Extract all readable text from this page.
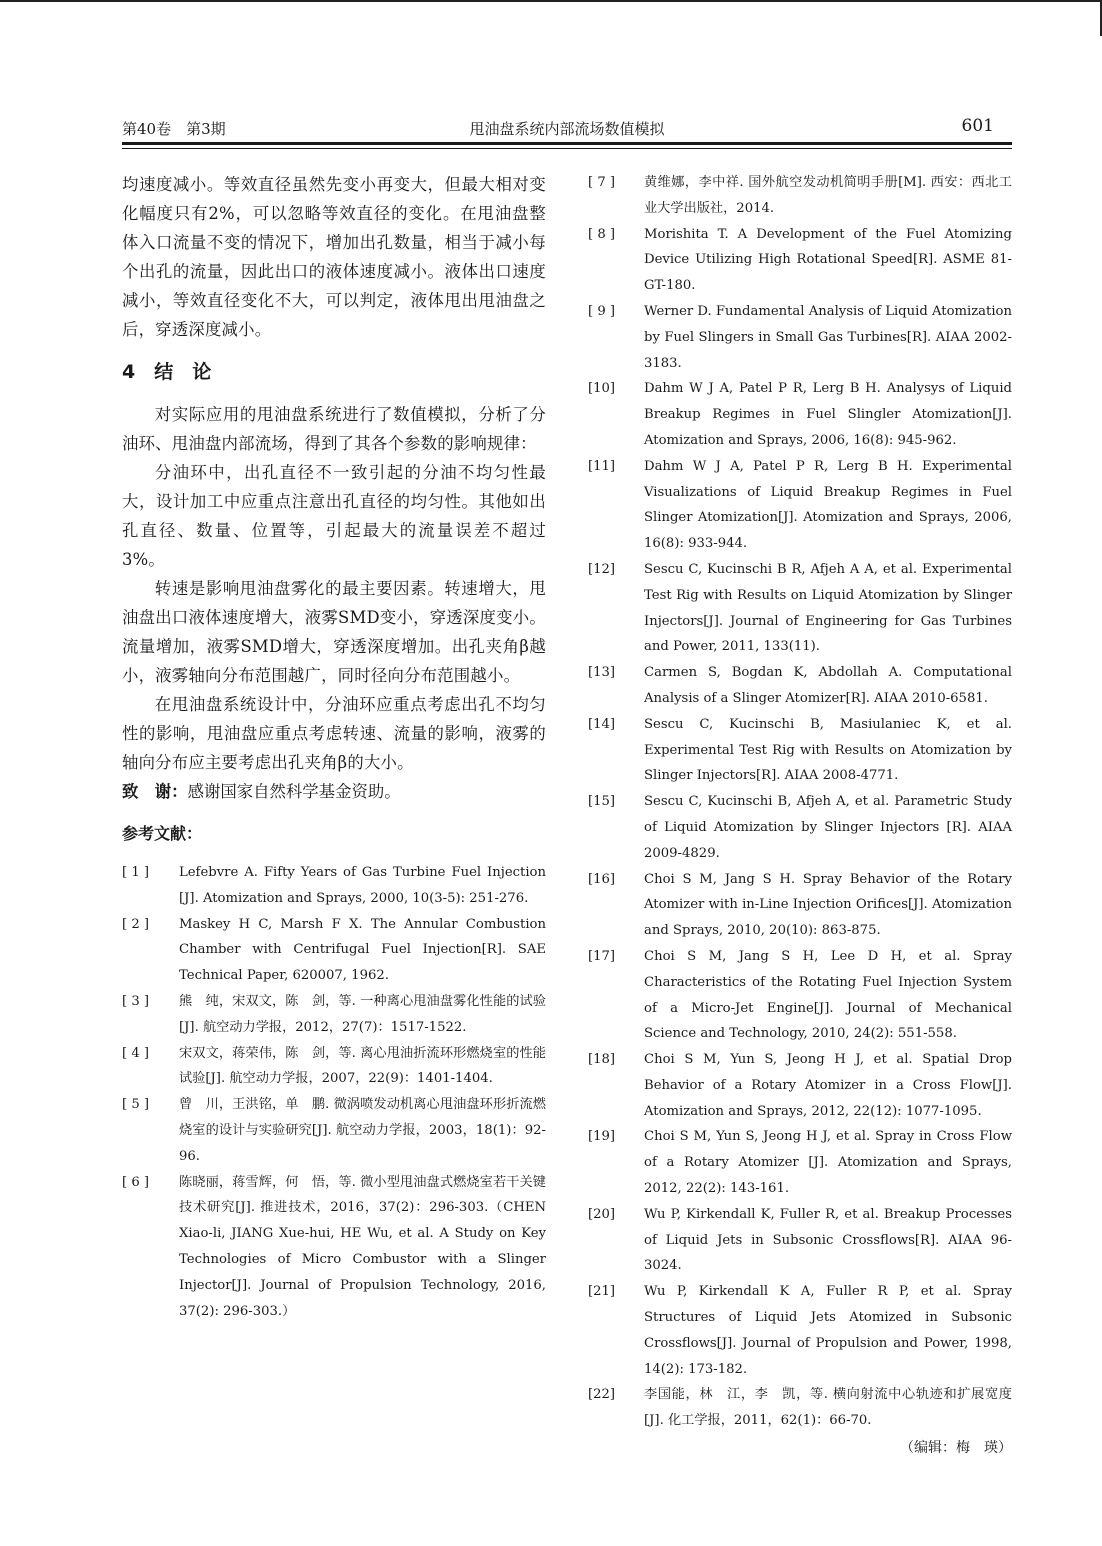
第40卷　第3期	甩油盘系统内部流场数值模拟	601

均速度减小。等效直径虽然先变小再变大，但最大相对变化幅度只有2%，可以忽略等效直径的变化。在甩油盘整体入口流量不变的情况下，增加出孔数量，相当于减小每个出孔的流量，因此出口的液体速度减小。液体出口速度减小，等效直径变化不大，可以判定，液体甩出甩油盘之后，穿透深度减小。

4　结　论

对实际应用的甩油盘系统进行了数值模拟，分析了分油环、甩油盘内部流场，得到了其各个参数的影响规律：

分油环中，出孔直径不一致引起的分油不均匀性最大，设计加工中应重点注意出孔直径的均匀性。其他如出孔直径、数量、位置等，引起最大的流量误差不超过3%。

转速是影响甩油盘雾化的最主要因素。转速增大，甩油盘出口液体速度增大，液雾SMD变小，穿透深度变小。流量增加，液雾SMD增大，穿透深度增加。出孔夹角β越小，液雾轴向分布范围越广，同时径向分布范围越小。

在甩油盘系统设计中，分油环应重点考虑出孔不均匀性的影响，甩油盘应重点考虑转速、流量的影响，液雾的轴向分布应主要考虑出孔夹角β的大小。

致　谢：感谢国家自然科学基金资助。

参考文献：
[ 1 ]	Lefebvre A. Fifty Years of Gas Turbine Fuel Injection [J]. Atomization and Sprays, 2000, 10(3-5): 251-276.
[ 2 ]	Maskey H C, Marsh F X. The Annular Combustion Chamber with Centrifugal Fuel Injection[R]. SAE Technical Paper, 620007, 1962.
[ 3 ]	熊　纯，宋双文，陈　剑，等. 一种离心甩油盘雾化性能的试验[J]. 航空动力学报，2012，27(7)：1517-1522.
[ 4 ]	宋双文，蒋荣伟，陈　剑，等. 离心甩油折流环形燃烧室的性能试验[J]. 航空动力学报，2007，22(9)：1401-1404.
[ 5 ]	曾　川，王洪铭，单　鹏. 微涡喷发动机离心甩油盘环形折流燃烧室的设计与实验研究[J]. 航空动力学报，2003，18(1)：92-96.
[ 6 ]	陈晓丽，蒋雪辉，何　悟，等. 微小型甩油盘式燃烧室若干关键技术研究[J]. 推进技术，2016，37(2)：296-303.（CHEN Xiao-li, JIANG Xue-hui, HE Wu, et al. A Study on Key Technologies of Micro Combustor with a Slinger Injector[J]. Journal of Propulsion Technology, 2016, 37(2): 296-303.）
[ 7 ]	黄维娜，李中祥. 国外航空发动机简明手册[M]. 西安：西北工业大学出版社，2014.
[ 8 ]	Morishita T. A Development of the Fuel Atomizing Device Utilizing High Rotational Speed[R]. ASME 81-GT-180.
[ 9 ]	Werner D. Fundamental Analysis of Liquid Atomization by Fuel Slingers in Small Gas Turbines[R]. AIAA 2002-3183.
[10]	Dahm W J A, Patel P R, Lerg B H. Analysys of Liquid Breakup Regimes in Fuel Slingler Atomization[J]. Atomization and Sprays, 2006, 16(8): 945-962.
[11]	Dahm W J A, Patel P R, Lerg B H. Experimental Visualizations of Liquid Breakup Regimes in Fuel Slinger Atomization[J]. Atomization and Sprays, 2006, 16(8): 933-944.
[12]	Sescu C, Kucinschi B R, Afjeh A A, et al. Experimental Test Rig with Results on Liquid Atomization by Slinger Injectors[J]. Journal of Engineering for Gas Turbines and Power, 2011, 133(11).
[13]	Carmen S, Bogdan K, Abdollah A. Computational Analysis of a Slinger Atomizer[R]. AIAA 2010-6581.
[14]	Sescu C, Kucinschi B, Masiulaniec K, et al. Experimental Test Rig with Results on Atomization by Slinger Injectors[R]. AIAA 2008-4771.
[15]	Sescu C, Kucinschi B, Afjeh A, et al. Parametric Study of Liquid Atomization by Slinger Injectors [R]. AIAA 2009-4829.
[16]	Choi S M, Jang S H. Spray Behavior of the Rotary Atomizer with in-Line Injection Orifices[J]. Atomization and Sprays, 2010, 20(10): 863-875.
[17]	Choi S M, Jang S H, Lee D H, et al. Spray Characteristics of the Rotating Fuel Injection System of a Micro-Jet Engine[J]. Journal of Mechanical Science and Technology, 2010, 24(2): 551-558.
[18]	Choi S M, Yun S, Jeong H J, et al. Spatial Drop Behavior of a Rotary Atomizer in a Cross Flow[J]. Atomization and Sprays, 2012, 22(12): 1077-1095.
[19]	Choi S M, Yun S, Jeong H J, et al. Spray in Cross Flow of a Rotary Atomizer [J]. Atomization and Sprays, 2012, 22(2): 143-161.
[20]	Wu P, Kirkendall K, Fuller R, et al. Breakup Processes of Liquid Jets in Subsonic Crossflows[R]. AIAA 96-3024.
[21]	Wu P, Kirkendall K A, Fuller R P, et al. Spray Structures of Liquid Jets Atomized in Subsonic Crossflows[J]. Journal of Propulsion and Power, 1998, 14(2): 173-182.
[22]	李国能，林　江，李　凯，等. 横向射流中心轨迹和扩展宽度[J]. 化工学报，2011，62(1)：66-70.

（编辑：梅　瑛）
